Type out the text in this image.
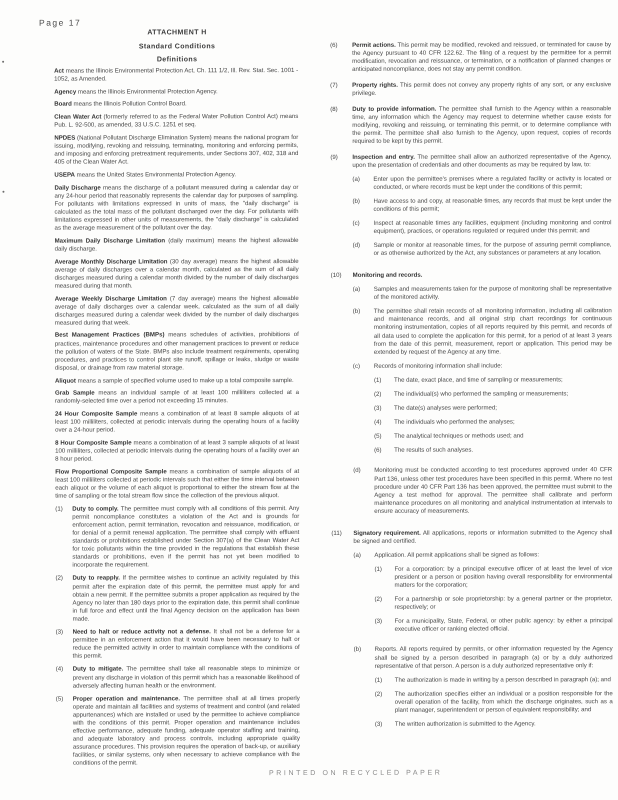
Page 17
ATTACHMENT H
Standard Conditions
Definitions

Act means the Illinois Environmental Protection Act, Ch. 111 1/2, Ill. Rev. Stat. Sec. 1001 - 1052, as Amended.

Agency means the Illinois Environmental Protection Agency.

Board means the Illinois Pollution Control Board.

Clean Water Act (formerly referred to as the Federal Water Pollution Control Act) means Pub. L. 92-500, as amended, 33 U.S.C. 1251 et seq.

NPDES (National Pollutant Discharge Elimination System) means the national program for issuing, modifying, revoking and reissuing, terminating, monitoring and enforcing permits, and imposing and enforcing pretreatment requirements, under Sections 307, 402, 318 and 405 of the Clean Water Act.

USEPA means the United States Environmental Protection Agency.

Daily Discharge means the discharge of a pollutant measured during a calendar day or any 24-hour period that reasonably represents the calendar day for purposes of sampling. For pollutants with limitations expressed in units of mass, the "daily discharge" is calculated as the total mass of the pollutant discharged over the day. For pollutants with limitations expressed in other units of measurements, the "daily discharge" is calculated as the average measurement of the pollutant over the day.

Maximum Daily Discharge Limitation (daily maximum) means the highest allowable daily discharge.

Average Monthly Discharge Limitation (30 day average) means the highest allowable average of daily discharges over a calendar month, calculated as the sum of all daily discharges measured during a calendar month divided by the number of daily discharges measured during that month.

Average Weekly Discharge Limitation (7 day average) means the highest allowable average of daily discharges over a calendar week, calculated as the sum of all daily discharges measured during a calendar week divided by the number of daily discharges measured during that week.

Best Management Practices (BMPs) means schedules of activities, prohibitions of practices, maintenance procedures and other management practices to prevent or reduce the pollution of waters of the State. BMPs also include treatment requirements, operating procedures, and practices to control plant site runoff, spillage or leaks, sludge or waste disposal, or drainage from raw material storage.

Aliquot means a sample of specified volume used to make up a total composite sample.

Grab Sample means an individual sample of at least 100 milliliters collected at a randomly-selected time over a period not exceeding 15 minutes.

24 Hour Composite Sample means a combination of at least 8 sample aliquots of at least 100 milliliters, collected at periodic intervals during the operating hours of a facility over a 24-hour period.

8 Hour Composite Sample means a combination of at least 3 sample aliquots of at least 100 milliliters, collected at periodic intervals during the operating hours of a facility over an 8 hour period.

Flow Proportional Composite Sample means a combination of sample aliquots of at least 100 milliliters collected at periodic intervals such that either the time interval between each aliquot or the volume of each aliquot is proportional to either the stream flow at the time of sampling or the total stream flow since the collection of the previous aliquot.

(1)	Duty to comply. The permittee must comply with all conditions of this permit. Any permit noncompliance constitutes a violation of the Act and is grounds for enforcement action, permit termination, revocation and reissuance, modification, or for denial of a permit renewal application. The permittee shall comply with effluent standards or prohibitions established under Section 307(a) of the Clean Water Act for toxic pollutants within the time provided in the regulations that establish these standards or prohibitions, even if the permit has not yet been modified to incorporate the requirement.
(2)	Duty to reapply. If the permittee wishes to continue an activity regulated by this permit after the expiration date of this permit, the permittee must apply for and obtain a new permit. If the permittee submits a proper application as required by the Agency no later than 180 days prior to the expiration date, this permit shall continue in full force and effect until the final Agency decision on the application has been made.
(3)	Need to halt or reduce activity not a defense. It shall not be a defense for a permittee in an enforcement action that it would have been necessary to halt or reduce the permitted activity in order to maintain compliance with the conditions of this permit.
(4)	Duty to mitigate. The permittee shall take all reasonable steps to minimize or prevent any discharge in violation of this permit which has a reasonable likelihood of adversely affecting human health or the environment.
(5)	Proper operation and maintenance. The permittee shall at all times properly operate and maintain all facilities and systems of treatment and control (and related appurtenances) which are installed or used by the permittee to achieve compliance with the conditions of this permit. Proper operation and maintenance includes effective performance, adequate funding, adequate operator staffing and training, and adequate laboratory and process controls, including appropriate quality assurance procedures. This provision requires the operation of back-up, or auxiliary facilities, or similar systems, only when necessary to achieve compliance with the conditions of the permit.
(6)	Permit actions. This permit may be modified, revoked and reissued, or terminated for cause by the Agency pursuant to 40 CFR 122.62. The filing of a request by the permittee for a permit modification, revocation and reissuance, or termination, or a notification of planned changes or anticipated noncompliance, does not stay any permit condition.
(7)	Property rights. This permit does not convey any property rights of any sort, or any exclusive privilege.
(8)	Duty to provide information. The permittee shall furnish to the Agency within a reasonable time, any information which the Agency may request to determine whether cause exists for modifying, revoking and reissuing, or terminating this permit, or to determine compliance with the permit. The permittee shall also furnish to the Agency, upon request, copies of records required to be kept by this permit.
(9)	Inspection and entry. The permittee shall allow an authorized representative of the Agency, upon the presentation of credentials and other documents as may be required by law, to:
(a)	Enter upon the permittee's premises where a regulated facility or activity is located or conducted, or where records must be kept under the conditions of this permit;
(b)	Have access to and copy, at reasonable times, any records that must be kept under the conditions of this permit;
(c)	Inspect at reasonable times any facilities, equipment (including monitoring and control equipment), practices, or operations regulated or required under this permit; and
(d)	Sample or monitor at reasonable times, for the purpose of assuring permit compliance, or as otherwise authorized by the Act, any substances or parameters at any location.
(10)	Monitoring and records.
(a)	Samples and measurements taken for the purpose of monitoring shall be representative of the monitored activity.
(b)	The permittee shall retain records of all monitoring information, including all calibration and maintenance records, and all original strip chart recordings for continuous monitoring instrumentation, copies of all reports required by this permit, and records of all data used to complete the application for this permit, for a period of at least 3 years from the date of this permit, measurement, report or application. This period may be extended by request of the Agency at any time.
(c)	Records of monitoring information shall include:
(1)	The date, exact place, and time of sampling or measurements;
(2)	The individual(s) who performed the sampling or measurements;
(3)	The date(s) analyses were performed;
(4)	The individuals who performed the analyses;
(5)	The analytical techniques or methods used; and
(6)	The results of such analyses.
(d)	Monitoring must be conducted according to test procedures approved under 40 CFR Part 136, unless other test procedures have been specified in this permit. Where no test procedure under 40 CFR Part 136 has been approved, the permittee must submit to the Agency a test method for approval. The permittee shall calibrate and perform maintenance procedures on all monitoring and analytical instrumentation at intervals to ensure accuracy of measurements.
(11)	Signatory requirement. All applications, reports or information submitted to the Agency shall be signed and certified.
(a)	Application. All permit applications shall be signed as follows:
(1)	For a corporation: by a principal executive officer of at least the level of vice president or a person or position having overall responsibility for environmental matters for the corporation;
(2)	For a partnership or sole proprietorship: by a general partner or the proprietor, respectively; or
(3)	For a municipality, State, Federal, or other public agency: by either a principal executive officer or ranking elected official.
(b)	Reports. All reports required by permits, or other information requested by the Agency shall be signed by a person described in paragraph (a) or by a duly authorized representative of that person. A person is a duly authorized representative only if:
(1)	The authorization is made in writing by a person described in paragraph (a); and
(2)	The authorization specifies either an individual or a position responsible for the overall operation of the facility, from which the discharge originates, such as a plant manager, superintendent or person of equivalent responsibility; and
(3)	The written authorization is submitted to the Agency.
PRINTED ON RECYCLED PAPER
